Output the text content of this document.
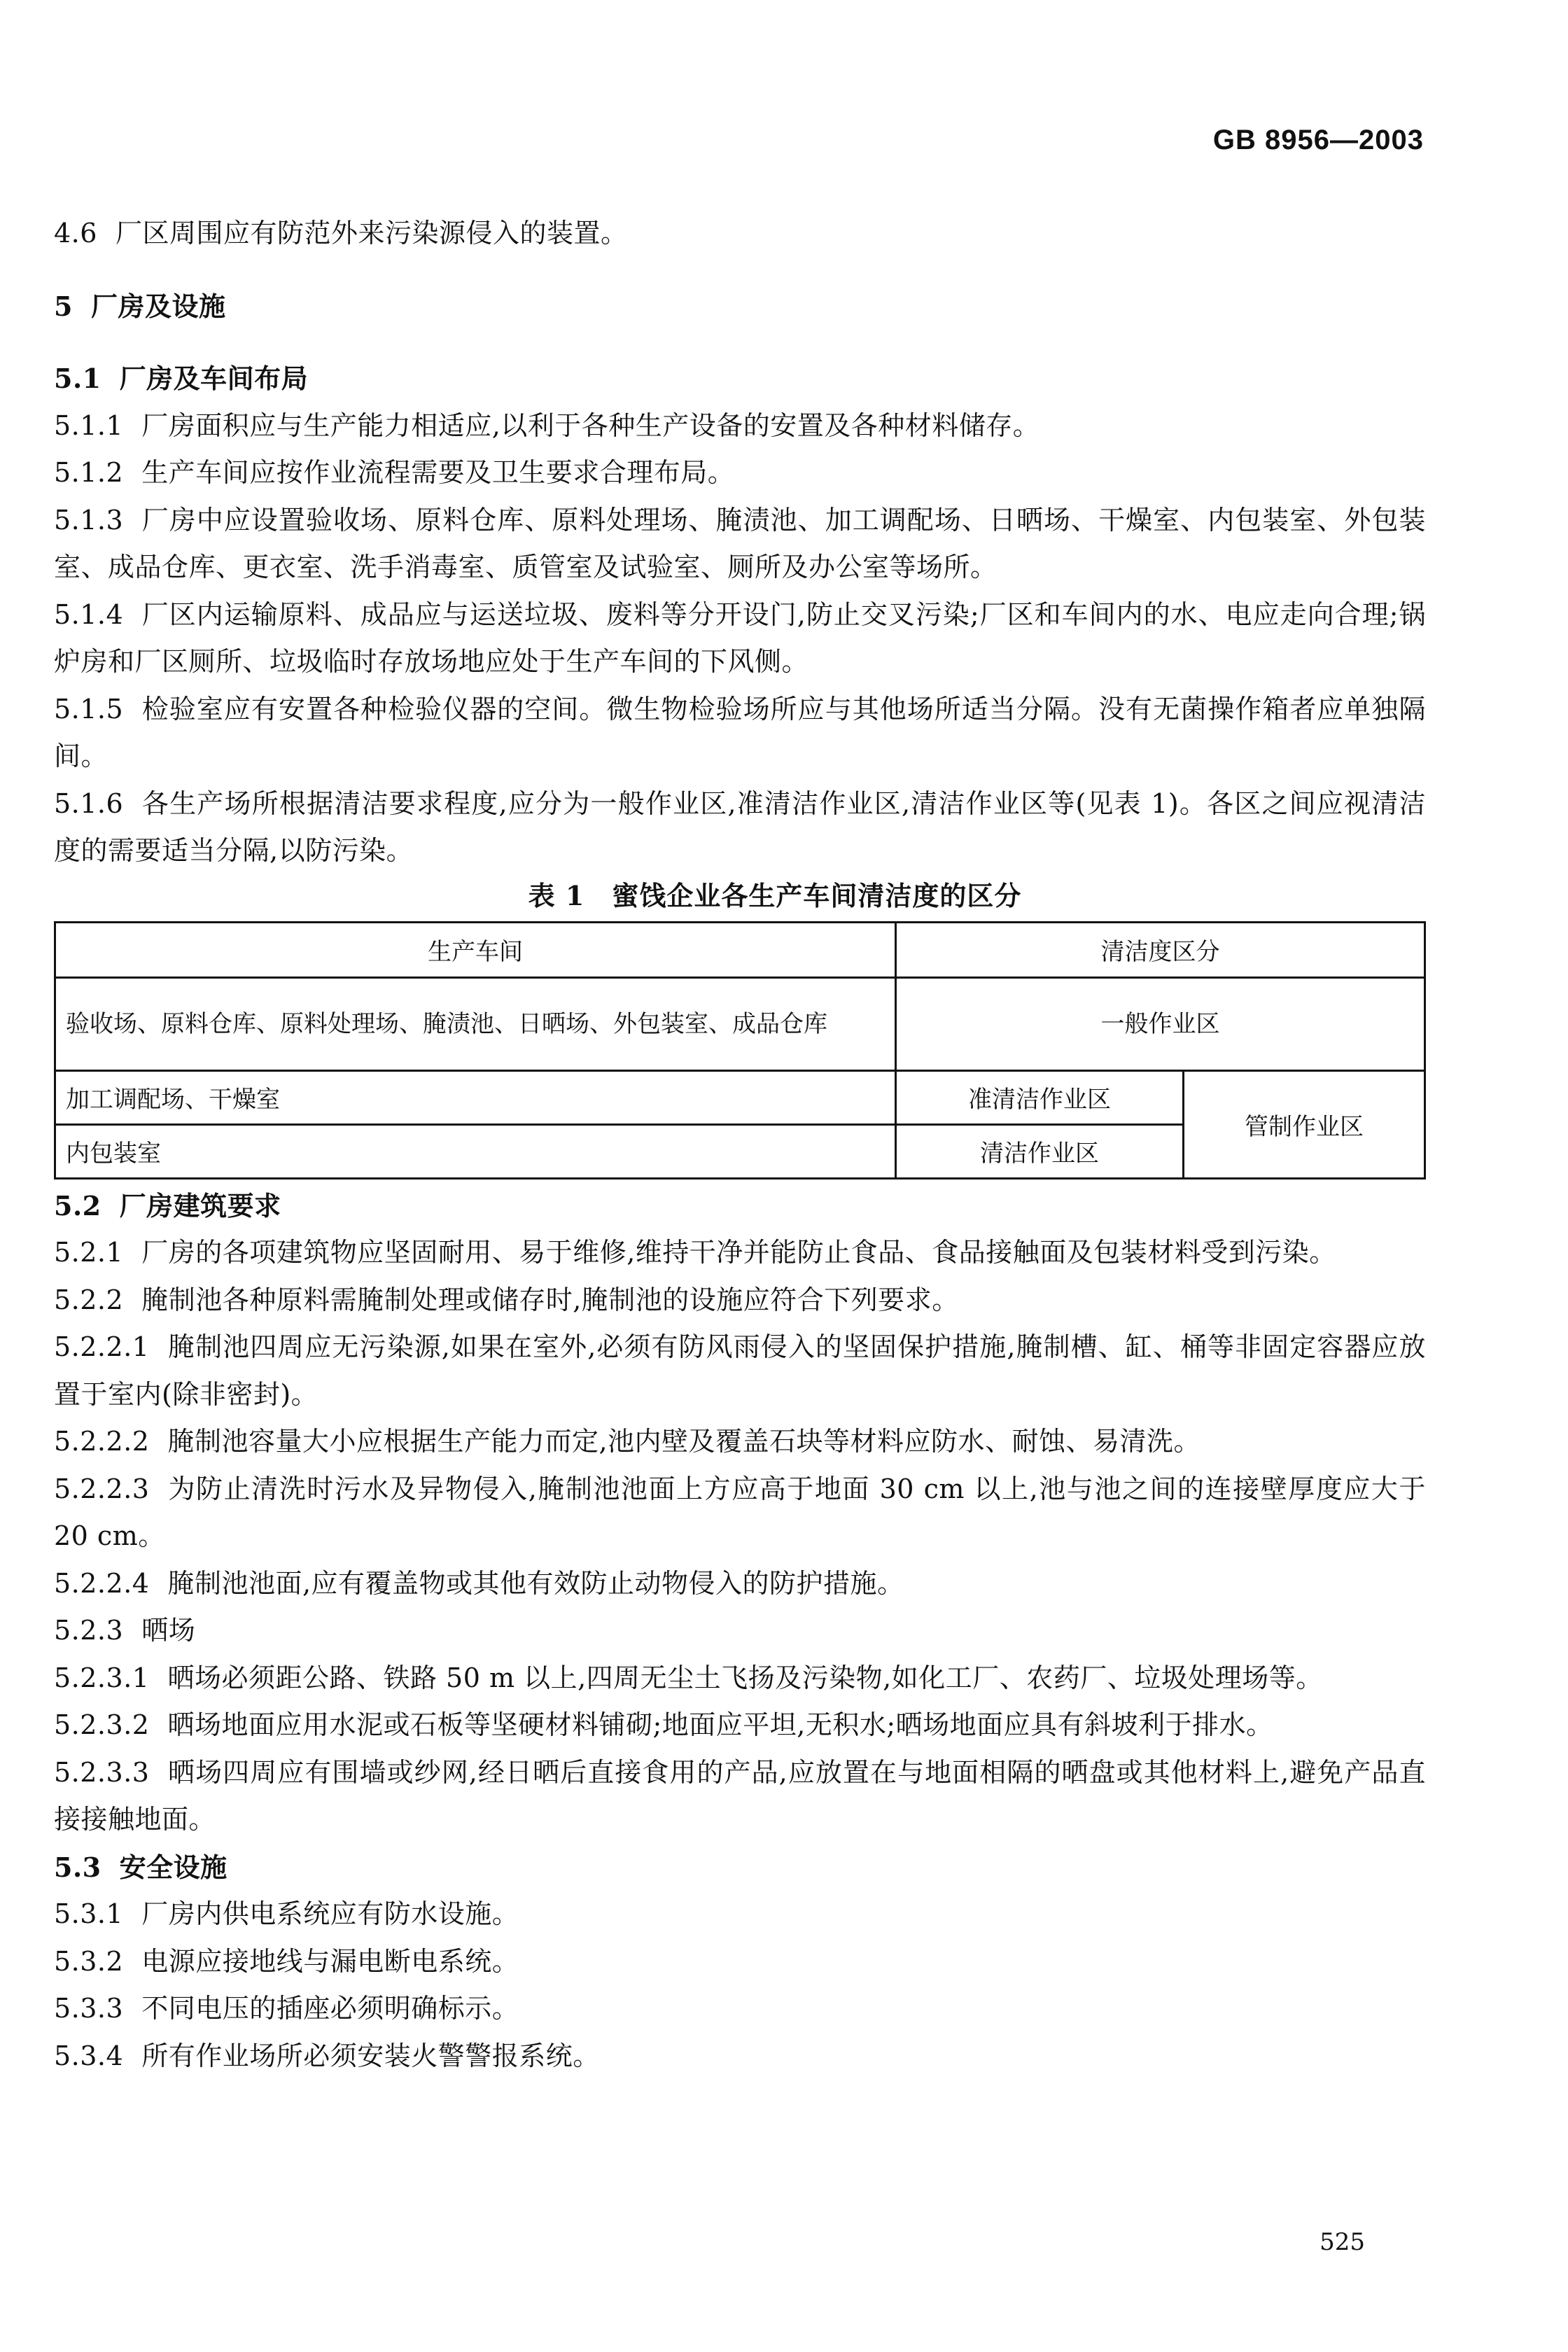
GB 8956—2003

4.6 厂区周围应有防范外来污染源侵入的装置。

5 厂房及设施

5.1 厂房及车间布局

5.1.1 厂房面积应与生产能力相适应,以利于各种生产设备的安置及各种材料储存。

5.1.2 生产车间应按作业流程需要及卫生要求合理布局。

5.1.3 厂房中应设置验收场、原料仓库、原料处理场、腌渍池、加工调配场、日晒场、干燥室、内包装室、外包装室、成品仓库、更衣室、洗手消毒室、质管室及试验室、厕所及办公室等场所。

5.1.4 厂区内运输原料、成品应与运送垃圾、废料等分开设门,防止交叉污染;厂区和车间内的水、电应走向合理;锅炉房和厂区厕所、垃圾临时存放场地应处于生产车间的下风侧。

5.1.5 检验室应有安置各种检验仪器的空间。微生物检验场所应与其他场所适当分隔。没有无菌操作箱者应单独隔间。

5.1.6 各生产场所根据清洁要求程度,应分为一般作业区,准清洁作业区,清洁作业区等(见表 1)。各区之间应视清洁度的需要适当分隔,以防污染。

表 1　蜜饯企业各生产车间清洁度的区分

生产车间	清洁度区分	
验收场、原料仓库、原料处理场、腌渍池、日晒场、外包装室、成品仓库	一般作业区	
加工调配场、干燥室	准清洁作业区	管制作业区
内包装室	清洁作业区	

5.2 厂房建筑要求

5.2.1 厂房的各项建筑物应坚固耐用、易于维修,维持干净并能防止食品、食品接触面及包装材料受到污染。

5.2.2 腌制池各种原料需腌制处理或储存时,腌制池的设施应符合下列要求。

5.2.2.1 腌制池四周应无污染源,如果在室外,必须有防风雨侵入的坚固保护措施,腌制槽、缸、桶等非固定容器应放置于室内(除非密封)。

5.2.2.2 腌制池容量大小应根据生产能力而定,池内壁及覆盖石块等材料应防水、耐蚀、易清洗。

5.2.2.3 为防止清洗时污水及异物侵入,腌制池池面上方应高于地面 30 cm 以上,池与池之间的连接壁厚度应大于 20 cm。

5.2.2.4 腌制池池面,应有覆盖物或其他有效防止动物侵入的防护措施。

5.2.3 晒场

5.2.3.1 晒场必须距公路、铁路 50 m 以上,四周无尘土飞扬及污染物,如化工厂、农药厂、垃圾处理场等。

5.2.3.2 晒场地面应用水泥或石板等坚硬材料铺砌;地面应平坦,无积水;晒场地面应具有斜坡利于排水。

5.2.3.3 晒场四周应有围墙或纱网,经日晒后直接食用的产品,应放置在与地面相隔的晒盘或其他材料上,避免产品直接接触地面。

5.3 安全设施

5.3.1 厂房内供电系统应有防水设施。

5.3.2 电源应接地线与漏电断电系统。

5.3.3 不同电压的插座必须明确标示。

5.3.4 所有作业场所必须安装火警警报系统。

525
